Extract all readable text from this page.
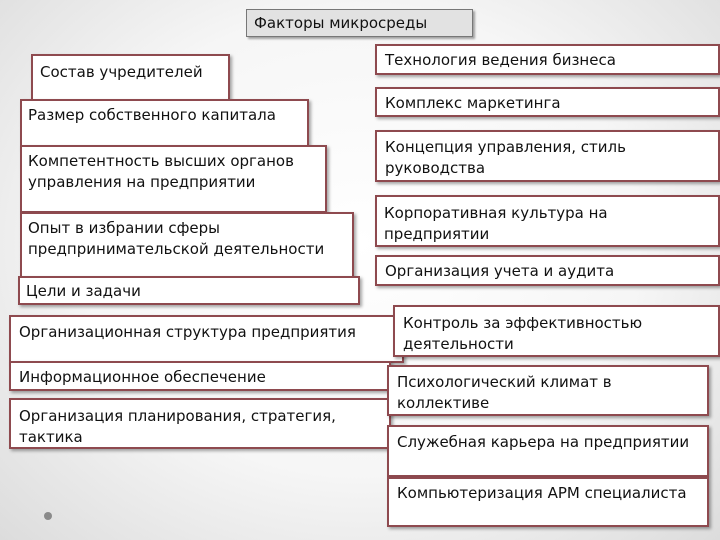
Факторы микросреды
Состав учредителей
Размер собственного капитала
Компетентность высших органов управления на предприятии
Опыт в избрании сферы предпринимательской деятельности
Цели и задачи
Организационная структура предприятия
Информационное обеспечение
Организация планирования, стратегия, тактика
Технология ведения бизнеса
Комплекс маркетинга
Концепция управления, стиль руководства
Корпоративная культура на предприятии
Организация учета и аудита
Контроль за эффективностью деятельности
Психологический климат в коллективе
Служебная карьера на предприятии
Компьютеризация АРМ специалиста
